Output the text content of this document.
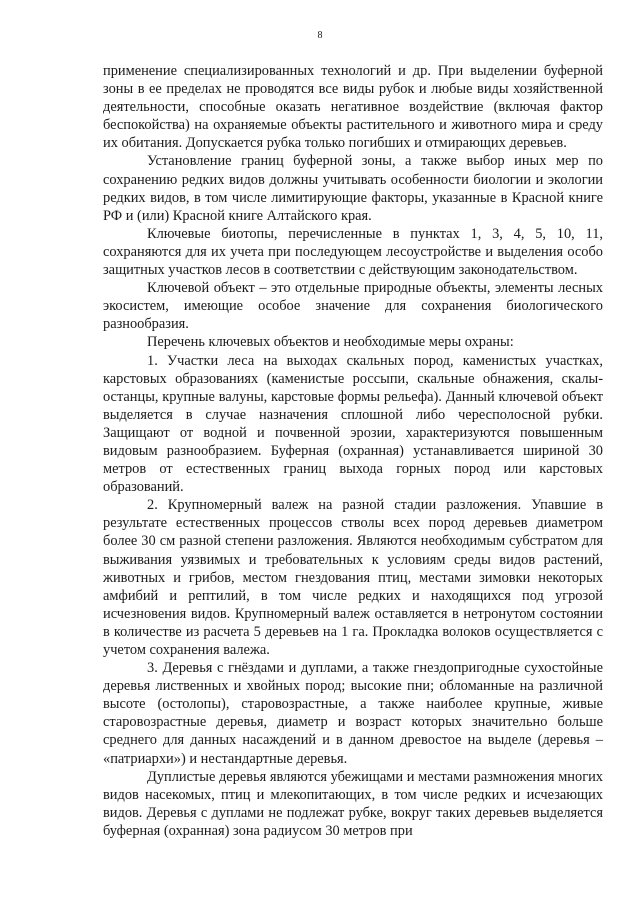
8

применение специализированных технологий и др. При выделении буферной зоны в ее пределах не проводятся все виды рубок и любые виды хозяйственной деятельности, способные оказать негативное воздействие (включая фактор беспокойства) на охраняемые объекты растительного и животного мира и среду их обитания. Допускается рубка только погибших и отмирающих деревьев.

Установление границ буферной зоны, а также выбор иных мер по сохранению редких видов должны учитывать особенности биологии и экологии редких видов, в том числе лимитирующие факторы, указанные в Красной книге РФ и (или) Красной книге Алтайского края.

Ключевые биотопы, перечисленные в пунктах 1, 3, 4, 5, 10, 11, сохраняются для их учета при последующем лесоустройстве и выделения особо защитных участков лесов в соответствии с действующим законодательством.

Ключевой объект – это отдельные природные объекты, элементы лесных экосистем, имеющие особое значение для сохранения биологического разнообразия.

Перечень ключевых объектов и необходимые меры охраны:

1. Участки леса на выходах скальных пород, каменистых участках, карстовых образованиях (каменистые россыпи, скальные обнажения, скалы-останцы, крупные валуны, карстовые формы рельефа). Данный ключевой объект выделяется в случае назначения сплошной либо чересполосной рубки. Защищают от водной и почвенной эрозии, характеризуются повышенным видовым разнообразием. Буферная (охранная) устанавливается шириной 30 метров от естественных границ выхода горных пород или карстовых образований.

2. Крупномерный валеж на разной стадии разложения. Упавшие в результате естественных процессов стволы всех пород деревьев диаметром более 30 см разной степени разложения. Являются необходимым субстратом для выживания уязвимых и требовательных к условиям среды видов растений, животных и грибов, местом гнездования птиц, местами зимовки некоторых амфибий и рептилий, в том числе редких и находящихся под угрозой исчезновения видов. Крупномерный валеж оставляется в нетронутом состоянии в количестве из расчета 5 деревьев на 1 га. Прокладка волоков осуществляется с учетом сохранения валежа.

3. Деревья с гнёздами и дуплами, а также гнездопригодные сухостойные деревья лиственных и хвойных пород; высокие пни; обломанные на различной высоте (остолопы), старовозрастные, а также наиболее крупные, живые старовозрастные деревья, диаметр и возраст которых значительно больше среднего для данных насаждений и в данном древостое на выделе (деревья – «патриархи») и нестандартные деревья.

Дуплистые деревья являются убежищами и местами размножения многих видов насекомых, птиц и млекопитающих, в том числе редких и исчезающих видов. Деревья с дуплами не подлежат рубке, вокруг таких деревьев выделяется буферная (охранная) зона радиусом 30 метров при
